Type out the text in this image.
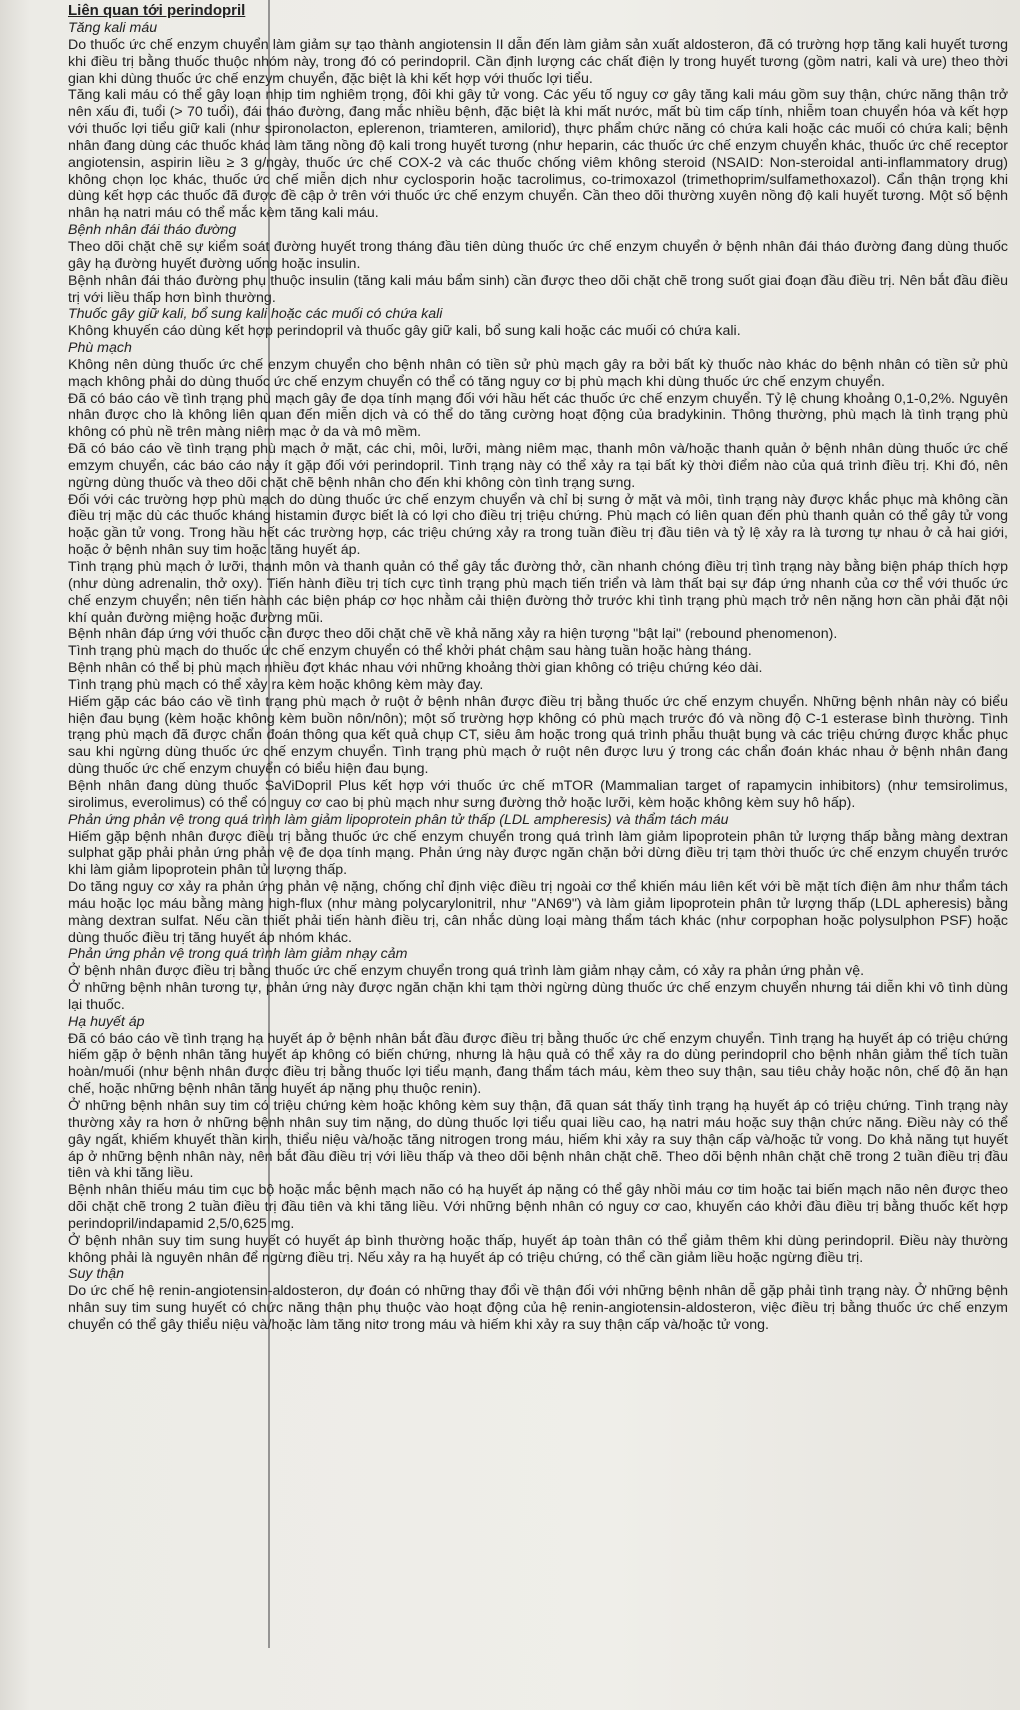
Liên quan tới perindopril
Tăng kali máu

Do thuốc ức chế enzym chuyển làm giảm sự tạo thành angiotensin II dẫn đến làm giảm sản xuất aldosteron, đã có trường hợp tăng kali huyết tương khi điều trị bằng thuốc thuộc nhóm này, trong đó có perindopril. Cần định lượng các chất điện ly trong huyết tương (gồm natri, kali và ure) theo thời gian khi dùng thuốc ức chế enzym chuyển, đặc biệt là khi kết hợp với thuốc lợi tiểu.

Tăng kali máu có thể gây loạn nhịp tim nghiêm trọng, đôi khi gây tử vong. Các yếu tố nguy cơ gây tăng kali máu gồm suy thận, chức năng thận trở nên xấu đi, tuổi (> 70 tuổi), đái tháo đường, đang mắc nhiều bệnh, đặc biệt là khi mất nước, mất bù tim cấp tính, nhiễm toan chuyển hóa và kết hợp với thuốc lợi tiểu giữ kali (như spironolacton, eplerenon, triamteren, amilorid), thực phẩm chức năng có chứa kali hoặc các muối có chứa kali; bệnh nhân đang dùng các thuốc khác làm tăng nồng độ kali trong huyết tương (như heparin, các thuốc ức chế enzym chuyển khác, thuốc ức chế receptor angiotensin, aspirin liều ≥ 3 g/ngày, thuốc ức chế COX-2 và các thuốc chống viêm không steroid (NSAID: Non-steroidal anti-inflammatory drug) không chọn lọc khác, thuốc ức chế miễn dịch như cyclosporin hoặc tacrolimus, co-trimoxazol (trimethoprim/sulfamethoxazol). Cẩn thận trọng khi dùng kết hợp các thuốc đã được đề cập ở trên với thuốc ức chế enzym chuyển. Cần theo dõi thường xuyên nồng độ kali huyết tương. Một số bệnh nhân hạ natri máu có thể mắc kèm tăng kali máu.

Bệnh nhân đái tháo đường

Theo dõi chặt chẽ sự kiểm soát đường huyết trong tháng đầu tiên dùng thuốc ức chế enzym chuyển ở bệnh nhân đái tháo đường đang dùng thuốc gây hạ đường huyết đường uống hoặc insulin.

Bệnh nhân đái tháo đường phụ thuộc insulin (tăng kali máu bẩm sinh) cần được theo dõi chặt chẽ trong suốt giai đoạn đầu điều trị. Nên bắt đầu điều trị với liều thấp hơn bình thường.

Thuốc gây giữ kali, bổ sung kali hoặc các muối có chứa kali

Không khuyến cáo dùng kết hợp perindopril và thuốc gây giữ kali, bổ sung kali hoặc các muối có chứa kali.

Phù mạch

Không nên dùng thuốc ức chế enzym chuyển cho bệnh nhân có tiền sử phù mạch gây ra bởi bất kỳ thuốc nào khác do bệnh nhân có tiền sử phù mạch không phải do dùng thuốc ức chế enzym chuyển có thể có tăng nguy cơ bị phù mạch khi dùng thuốc ức chế enzym chuyển.

Đã có báo cáo về tình trạng phù mạch gây đe dọa tính mạng đối với hầu hết các thuốc ức chế enzym chuyển. Tỷ lệ chung khoảng 0,1-0,2%. Nguyên nhân được cho là không liên quan đến miễn dịch và có thể do tăng cường hoạt động của bradykinin. Thông thường, phù mạch là tình trạng phù không có phù nề trên màng niêm mạc ở da và mô mềm.

Đã có báo cáo về tình trạng phù mạch ở mặt, các chi, môi, lưỡi, màng niêm mạc, thanh môn và/hoặc thanh quản ở bệnh nhân dùng thuốc ức chế emzym chuyển, các báo cáo này ít gặp đối với perindopril. Tình trạng này có thể xảy ra tại bất kỳ thời điểm nào của quá trình điều trị. Khi đó, nên ngừng dùng thuốc và theo dõi chặt chẽ bệnh nhân cho đến khi không còn tình trạng sưng.

Đối với các trường hợp phù mạch do dùng thuốc ức chế enzym chuyển và chỉ bị sưng ở mặt và môi, tình trạng này được khắc phục mà không cần điều trị mặc dù các thuốc kháng histamin được biết là có lợi cho điều trị triệu chứng. Phù mạch có liên quan đến phù thanh quản có thể gây tử vong hoặc gần tử vong. Trong hầu hết các trường hợp, các triệu chứng xảy ra trong tuần điều trị đầu tiên và tỷ lệ xảy ra là tương tự nhau ở cả hai giới, hoặc ở bệnh nhân suy tim hoặc tăng huyết áp.

Tình trạng phù mạch ở lưỡi, thanh môn và thanh quản có thể gây tắc đường thở, cần nhanh chóng điều trị tình trạng này bằng biện pháp thích hợp (như dùng adrenalin, thở oxy). Tiến hành điều trị tích cực tình trạng phù mạch tiến triển và làm thất bại sự đáp ứng nhanh của cơ thể với thuốc ức chế enzym chuyển; nên tiến hành các biện pháp cơ học nhằm cải thiện đường thở trước khi tình trạng phù mạch trở nên nặng hơn cần phải đặt nội khí quản đường miệng hoặc đường mũi.

Bệnh nhân đáp ứng với thuốc cần được theo dõi chặt chẽ về khả năng xảy ra hiện tượng "bật lại" (rebound phenomenon).

Tình trạng phù mạch do thuốc ức chế enzym chuyển có thể khởi phát chậm sau hàng tuần hoặc hàng tháng.

Bệnh nhân có thể bị phù mạch nhiều đợt khác nhau với những khoảng thời gian không có triệu chứng kéo dài.

Tình trạng phù mạch có thể xảy ra kèm hoặc không kèm mày đay.

Hiếm gặp các báo cáo về tình trạng phù mạch ở ruột ở bệnh nhân được điều trị bằng thuốc ức chế enzym chuyển. Những bệnh nhân này có biểu hiện đau bụng (kèm hoặc không kèm buồn nôn/nôn); một số trường hợp không có phù mạch trước đó và nồng độ C-1 esterase bình thường. Tình trạng phù mạch đã được chẩn đoán thông qua kết quả chụp CT, siêu âm hoặc trong quá trình phẫu thuật bụng và các triệu chứng được khắc phục sau khi ngừng dùng thuốc ức chế enzym chuyển. Tình trạng phù mạch ở ruột nên được lưu ý trong các chẩn đoán khác nhau ở bệnh nhân đang dùng thuốc ức chế enzym chuyển có biểu hiện đau bụng.

Bệnh nhân đang dùng thuốc SaViDopril Plus kết hợp với thuốc ức chế mTOR (Mammalian target of rapamycin inhibitors) (như temsirolimus, sirolimus, everolimus) có thể có nguy cơ cao bị phù mạch như sưng đường thở hoặc lưỡi, kèm hoặc không kèm suy hô hấp).

Phản ứng phản vệ trong quá trình làm giảm lipoprotein phân tử thấp (LDL ampheresis) và thẩm tách máu

Hiếm gặp bệnh nhân được điều trị bằng thuốc ức chế enzym chuyển trong quá trình làm giảm lipoprotein phân tử lượng thấp bằng màng dextran sulphat gặp phải phản ứng phản vệ đe dọa tính mạng. Phản ứng này được ngăn chặn bởi dừng điều trị tạm thời thuốc ức chế enzym chuyển trước khi làm giảm lipoprotein phân tử lượng thấp.

Do tăng nguy cơ xảy ra phản ứng phản vệ nặng, chống chỉ định việc điều trị ngoài cơ thể khiến máu liên kết với bề mặt tích điện âm như thẩm tách máu hoặc lọc máu bằng màng high-flux (như màng polycarylonitril, như "AN69") và làm giảm lipoprotein phân tử lượng thấp (LDL apheresis) bằng màng dextran sulfat. Nếu cần thiết phải tiến hành điều trị, cân nhắc dùng loại màng thẩm tách khác (như corpophan hoặc polysulphon PSF) hoặc dùng thuốc điều trị tăng huyết áp nhóm khác.

Phản ứng phản vệ trong quá trình làm giảm nhạy cảm

Ở bệnh nhân được điều trị bằng thuốc ức chế enzym chuyển trong quá trình làm giảm nhạy cảm, có xảy ra phản ứng phản vệ.

Ở những bệnh nhân tương tự, phản ứng này được ngăn chặn khi tạm thời ngừng dùng thuốc ức chế enzym chuyển nhưng tái diễn khi vô tình dùng lại thuốc.

Hạ huyết áp

Đã có báo cáo về tình trạng hạ huyết áp ở bệnh nhân bắt đầu được điều trị bằng thuốc ức chế enzym chuyển. Tình trạng hạ huyết áp có triệu chứng hiếm gặp ở bệnh nhân tăng huyết áp không có biến chứng, nhưng là hậu quả có thể xảy ra do dùng perindopril cho bệnh nhân giảm thể tích tuần hoàn/muối (như bệnh nhân được điều trị bằng thuốc lợi tiểu mạnh, đang thẩm tách máu, kèm theo suy thận, sau tiêu chảy hoặc nôn, chế độ ăn hạn chế, hoặc những bệnh nhân tăng huyết áp nặng phụ thuộc renin).

Ở những bệnh nhân suy tim có triệu chứng kèm hoặc không kèm suy thận, đã quan sát thấy tình trạng hạ huyết áp có triệu chứng. Tình trạng này thường xảy ra hơn ở những bệnh nhân suy tim nặng, do dùng thuốc lợi tiểu quai liều cao, hạ natri máu hoặc suy thận chức năng. Điều này có thể gây ngất, khiếm khuyết thần kinh, thiểu niệu và/hoặc tăng nitrogen trong máu, hiếm khi xảy ra suy thận cấp và/hoặc tử vong. Do khả năng tụt huyết áp ở những bệnh nhân này, nên bắt đầu điều trị với liều thấp và theo dõi bệnh nhân chặt chẽ. Theo dõi bệnh nhân chặt chẽ trong 2 tuần điều trị đầu tiên và khi tăng liều.

Bệnh nhân thiếu máu tim cục bộ hoặc mắc bệnh mạch não có hạ huyết áp nặng có thể gây nhồi máu cơ tim hoặc tai biến mạch não nên được theo dõi chặt chẽ trong 2 tuần điều trị đầu tiên và khi tăng liều. Với những bệnh nhân có nguy cơ cao, khuyến cáo khởi đầu điều trị bằng thuốc kết hợp perindopril/indapamid 2,5/0,625 mg.

Ở bệnh nhân suy tim sung huyết có huyết áp bình thường hoặc thấp, huyết áp toàn thân có thể giảm thêm khi dùng perindopril. Điều này thường không phải là nguyên nhân để ngừng điều trị. Nếu xảy ra hạ huyết áp có triệu chứng, có thể cần giảm liều hoặc ngừng điều trị.

Suy thận

Do ức chế hệ renin-angiotensin-aldosteron, dự đoán có những thay đổi về thận đối với những bệnh nhân dễ gặp phải tình trạng này. Ở những bệnh nhân suy tim sung huyết có chức năng thận phụ thuộc vào hoạt động của hệ renin-angiotensin-aldosteron, việc điều trị bằng thuốc ức chế enzym chuyển có thể gây thiểu niệu và/hoặc làm tăng nitơ trong máu và hiếm khi xảy ra suy thận cấp và/hoặc tử vong.
